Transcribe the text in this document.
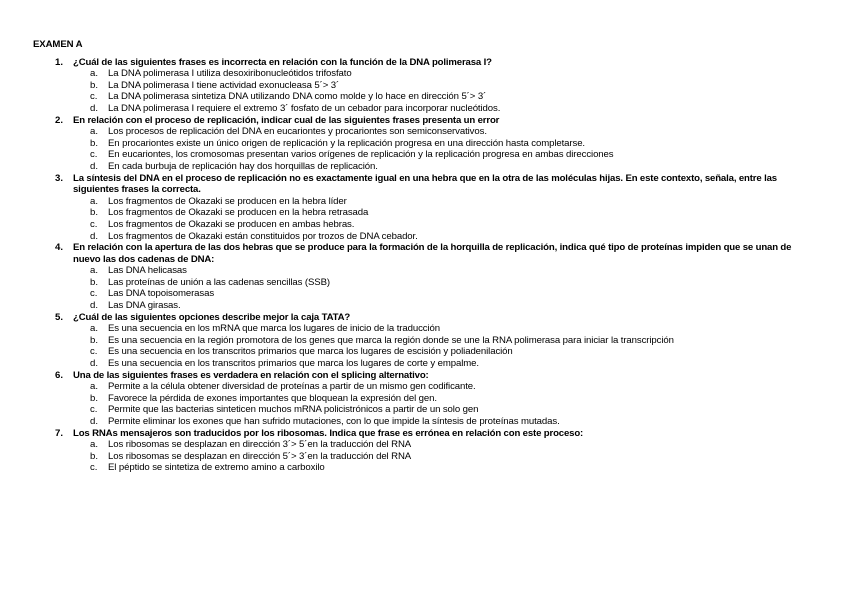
EXAMEN A
1. ¿Cuál de las siguientes frases es incorrecta en relación con la función de la DNA polimerasa I?
a. La DNA polimerasa I utiliza desoxiribonucleótidos trifosfato
b. La DNA polimerasa I tiene actividad exonucleasa 5´> 3´
c. La DNA polimerasa sintetiza DNA utilizando DNA como molde y lo hace en dirección 5´> 3´
d. La DNA polimerasa I requiere el extremo 3´ fosfato de un cebador para incorporar nucleótidos.
2. En relación con el proceso de replicación, indicar cual de las siguientes frases presenta un error
a. Los procesos de replicación del DNA en eucariontes y procariontes son semiconservativos.
b. En procariontes existe un único origen de replicación y la replicación progresa en una dirección hasta completarse.
c. En eucariontes, los cromosomas presentan varios orígenes de replicación y la replicación progresa en ambas direcciones
d. En cada burbuja de replicación hay dos horquillas de replicación.
3. La síntesis del DNA en el proceso de replicación no es exactamente igual en una hebra que en la otra de las moléculas hijas. En este contexto, señala, entre las siguientes frases la correcta.
a. Los fragmentos de Okazaki se producen en la hebra líder
b. Los fragmentos de Okazaki se producen en la hebra retrasada
c. Los fragmentos de Okazaki se producen en ambas hebras.
d. Los fragmentos de Okazaki están constituidos por trozos de DNA cebador.
4. En relación con la apertura de las dos hebras que se produce para la formación de la horquilla de replicación, indica qué tipo de proteínas impiden que se unan de nuevo las dos cadenas de DNA:
a. Las DNA helicasas
b. Las proteínas de unión a las cadenas sencillas (SSB)
c. Las DNA topoisomerasas
d. Las DNA girasas.
5. ¿Cuál de las siguientes opciones describe mejor la caja TATA?
a. Es una secuencia en los mRNA que marca los lugares de inicio de la traducción
b. Es una secuencia en la región promotora de los genes que marca la región donde se une la RNA polimerasa para iniciar la transcripción
c. Es una secuencia en los transcritos primarios que marca los lugares de escisión y poliadenilación
d. Es una secuencia en los transcritos primarios que marca los lugares de corte y empalme.
6. Una de las siguientes frases es verdadera en relación con el splicing alternativo:
a. Permite a la célula obtener diversidad de proteínas a partir de un mismo gen codificante.
b. Favorece la pérdida de exones importantes que bloquean la expresión del gen.
c. Permite que las bacterias sinteticen muchos mRNA policistrónicos a partir de un solo gen
d. Permite eliminar los exones que han sufrido mutaciones, con lo que impide la síntesis de proteínas mutadas.
7. Los RNAs mensajeros son traducidos por los ribosomas. Indica que frase es errónea en relación con este proceso:
a. Los ribosomas se desplazan en dirección 3´> 5´en la traducción del RNA
b. Los ribosomas se desplazan en dirección 5´> 3´en la traducción del RNA
c. El péptido se sintetiza de extremo amino a carboxilo
